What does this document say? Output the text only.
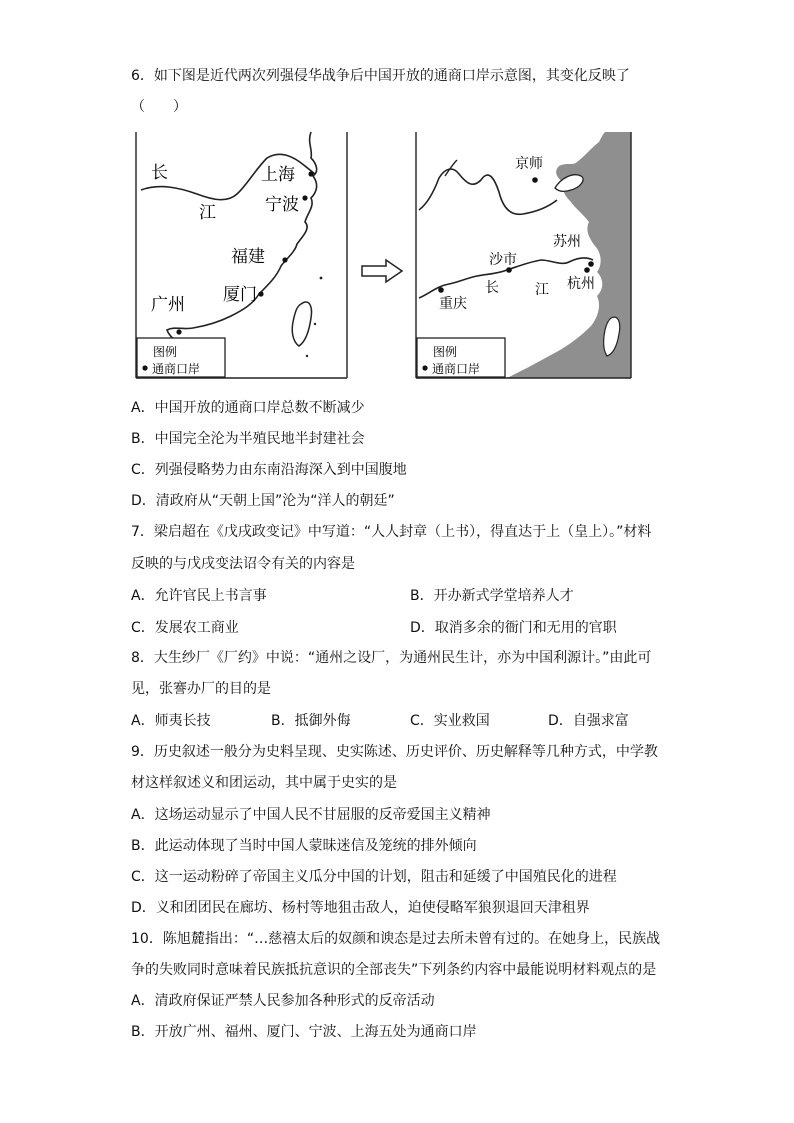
6．如下图是近代两次列强侵华战争后中国开放的通商口岸示意图，其变化反映了
（　　）
长
江
上海
宁波
福建
广州 厦门
图例
通商口岸
京师
苏州
沙市
长	江 杭州
重庆
图例
通商口岸
A．中国开放的通商口岸总数不断减少
B．中国完全沦为半殖民地半封建社会
C．列强侵略势力由东南沿海深入到中国腹地
D．清政府从“天朝上国”沦为“洋人的朝廷”
7．梁启超在《戊戌政变记》中写道：“人人封章（上书），得直达于上（皇上）。”材料
反映的与戊戌变法诏令有关的内容是
A．允许官民上书言事	B．开办新式学堂培养人才
C．发展农工商业	D．取消多余的衙门和无用的官职
8．大生纱厂《厂约》中说：“通州之设厂，为通州民生计，亦为中国利源计。”由此可
见，张謇办厂的目的是
A．师夷长技	B．抵御外侮	C．实业救国	D．自强求富
9．历史叙述一般分为史料呈现、史实陈述、历史评价、历史解释等几种方式，中学教
材这样叙述义和团运动，其中属于史实的是
A．这场运动显示了中国人民不甘屈服的反帝爱国主义精神
B．此运动体现了当时中国人蒙昧迷信及笼统的排外倾向
C．这一运动粉碎了帝国主义瓜分中国的计划，阻击和延缓了中国殖民化的进程
D．义和团团民在廊坊、杨村等地狙击敌人，迫使侵略军狼狈退回天津租界
10．陈旭麓指出：“…慈禧太后的奴颜和谀态是过去所未曾有过的。在她身上，民族战
争的失败同时意味着民族抵抗意识的全部丧失”下列条约内容中最能说明材料观点的是
A．清政府保证严禁人民参加各种形式的反帝活动
B．开放广州、福州、厦门、宁波、上海五处为通商口岸
